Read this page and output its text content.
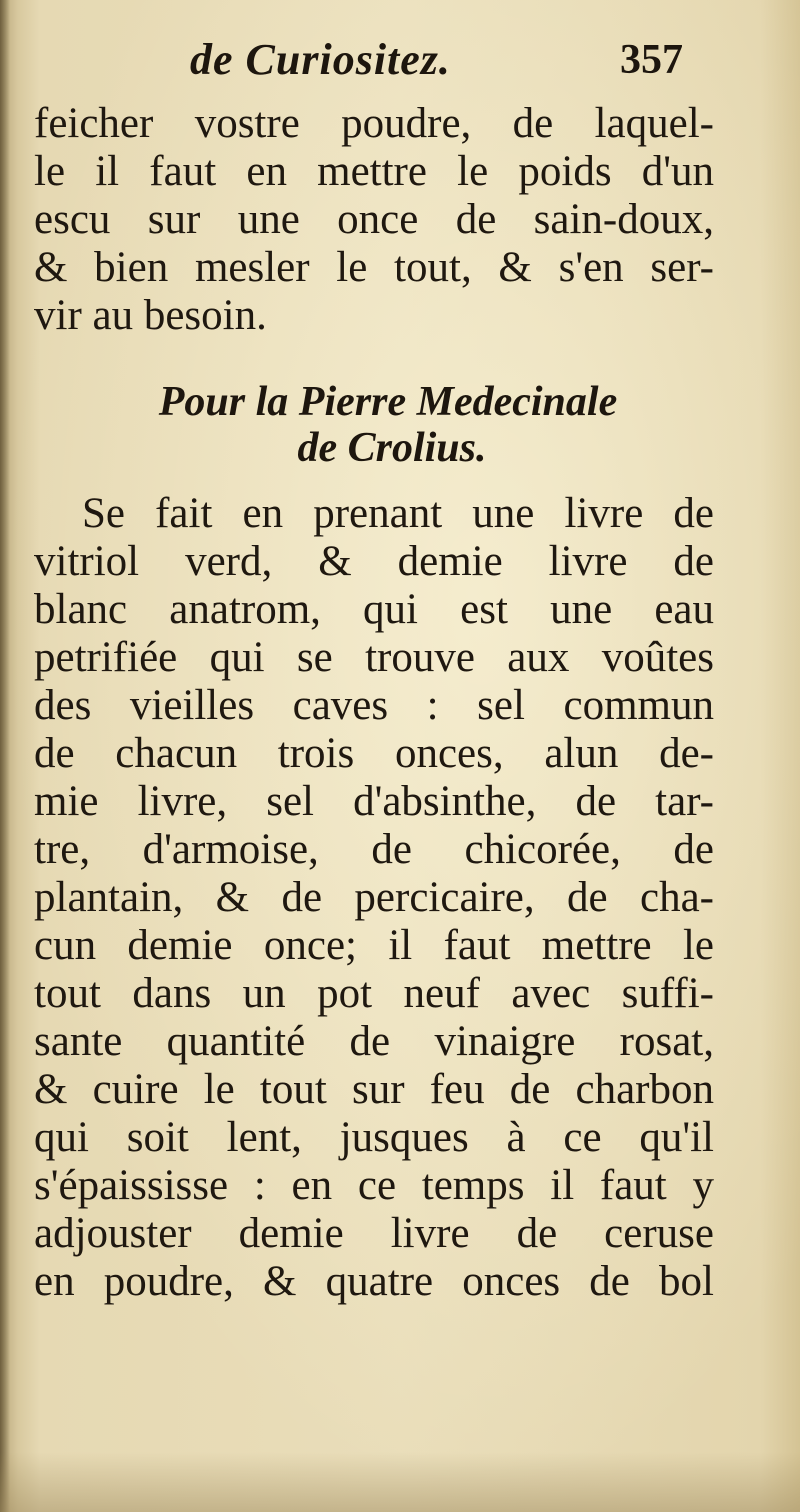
de Curiositez.	357
feicher vostre poudre, de laquel-
le il faut en mettre le poids d'un
escu sur une once de sain-doux,
& bien mesler le tout, & s'en ser-
vir au besoin.
Pour la Pierre Medecinale
de Crolius.
Se fait en prenant une livre de
vitriol verd, & demie livre de
blanc anatrom, qui est une eau
petrifiée qui se trouve aux voûtes
des vieilles caves : sel commun
de chacun trois onces, alun de-
mie livre, sel d'absinthe, de tar-
tre, d'armoise, de chicorée, de
plantain, & de percicaire, de cha-
cun demie once; il faut mettre le
tout dans un pot neuf avec suffi-
sante quantité de vinaigre rosat,
& cuire le tout sur feu de charbon
qui soit lent, jusques à ce qu'il
s'épaississe : en ce temps il faut y
adjouster demie livre de ceruse
en poudre, & quatre onces de bol
